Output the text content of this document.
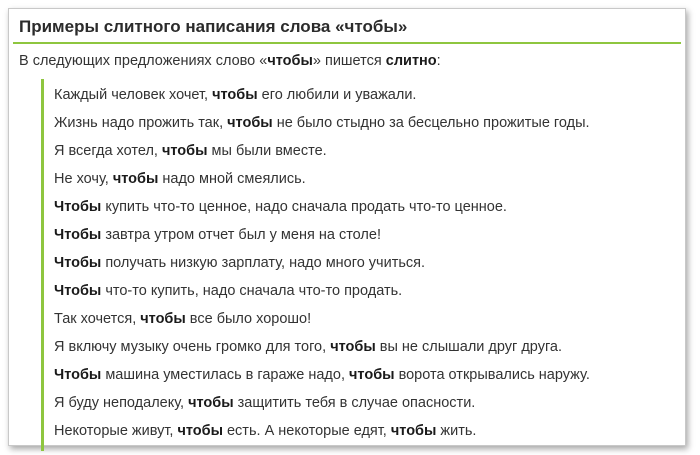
Примеры слитного написания слова «чтобы»
В следующих предложениях слово «чтобы» пишется слитно:
Каждый человек хочет, чтобы его любили и уважали.
Жизнь надо прожить так, чтобы не было стыдно за бесцельно прожитые годы.
Я всегда хотел, чтобы мы были вместе.
Не хочу, чтобы надо мной смеялись.
Чтобы купить что-то ценное, надо сначала продать что-то ценное.
Чтобы завтра утром отчет был у меня на столе!
Чтобы получать низкую зарплату, надо много учиться.
Чтобы что-то купить, надо сначала что-то продать.
Так хочется, чтобы все было хорошо!
Я включу музыку очень громко для того, чтобы вы не слышали друг друга.
Чтобы машина уместилась в гараже надо, чтобы ворота открывались наружу.
Я буду неподалеку, чтобы защитить тебя в случае опасности.
Некоторые живут, чтобы есть. А некоторые едят, чтобы жить.
